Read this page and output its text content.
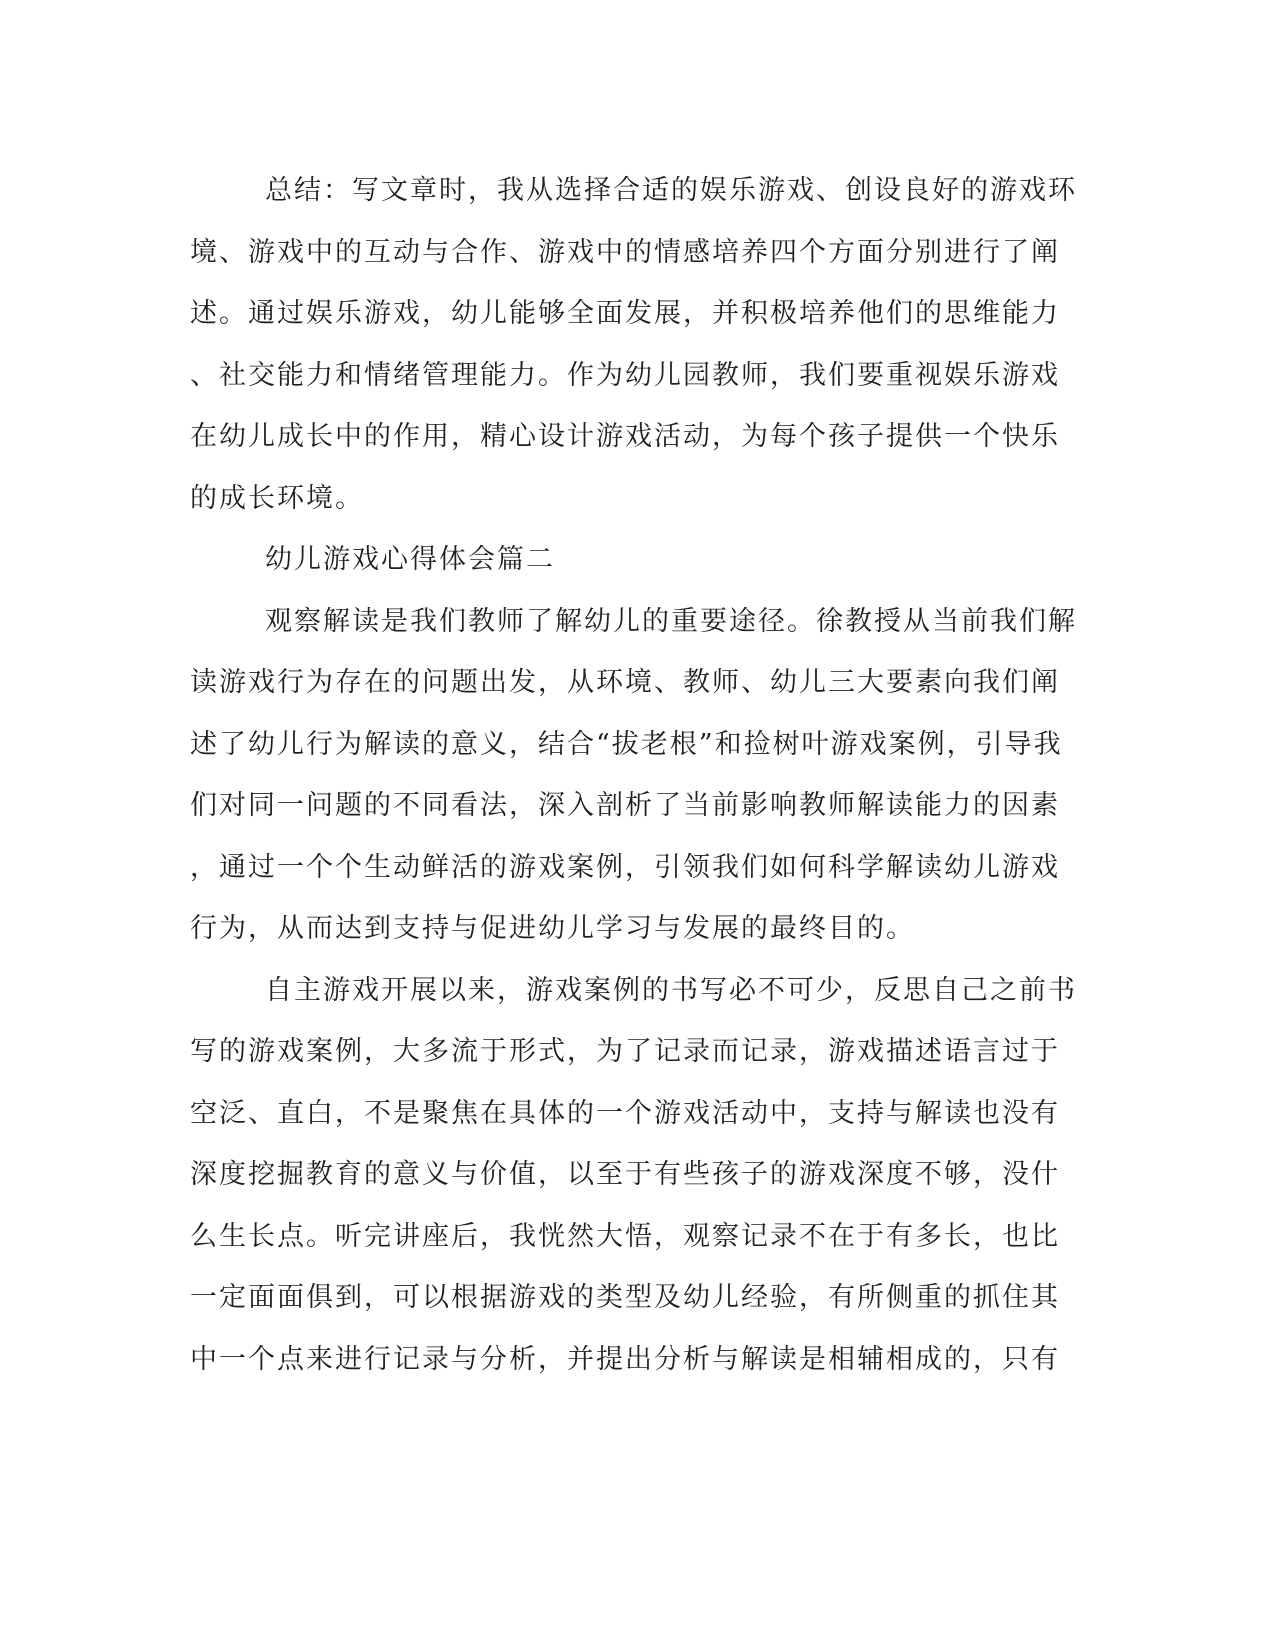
总结：写文章时，我从选择合适的娱乐游戏、创设良好的游戏环
境、游戏中的互动与合作、游戏中的情感培养四个方面分别进行了阐
述。通过娱乐游戏，幼儿能够全面发展，并积极培养他们的思维能力
、社交能力和情绪管理能力。作为幼儿园教师，我们要重视娱乐游戏
在幼儿成长中的作用，精心设计游戏活动，为每个孩子提供一个快乐
的成长环境。
幼儿游戏心得体会篇二
观察解读是我们教师了解幼儿的重要途径。徐教授从当前我们解
读游戏行为存在的问题出发，从环境、教师、幼儿三大要素向我们阐
述了幼儿行为解读的意义，结合“拔老根”和捡树叶游戏案例，引导我
们对同一问题的不同看法，深入剖析了当前影响教师解读能力的因素
，通过一个个生动鲜活的游戏案例，引领我们如何科学解读幼儿游戏
行为，从而达到支持与促进幼儿学习与发展的最终目的。
自主游戏开展以来，游戏案例的书写必不可少，反思自己之前书
写的游戏案例，大多流于形式，为了记录而记录，游戏描述语言过于
空泛、直白，不是聚焦在具体的一个游戏活动中，支持与解读也没有
深度挖掘教育的意义与价值，以至于有些孩子的游戏深度不够，没什
么生长点。听完讲座后，我恍然大悟，观察记录不在于有多长，也比
一定面面俱到，可以根据游戏的类型及幼儿经验，有所侧重的抓住其
中一个点来进行记录与分析，并提出分析与解读是相辅相成的，只有
